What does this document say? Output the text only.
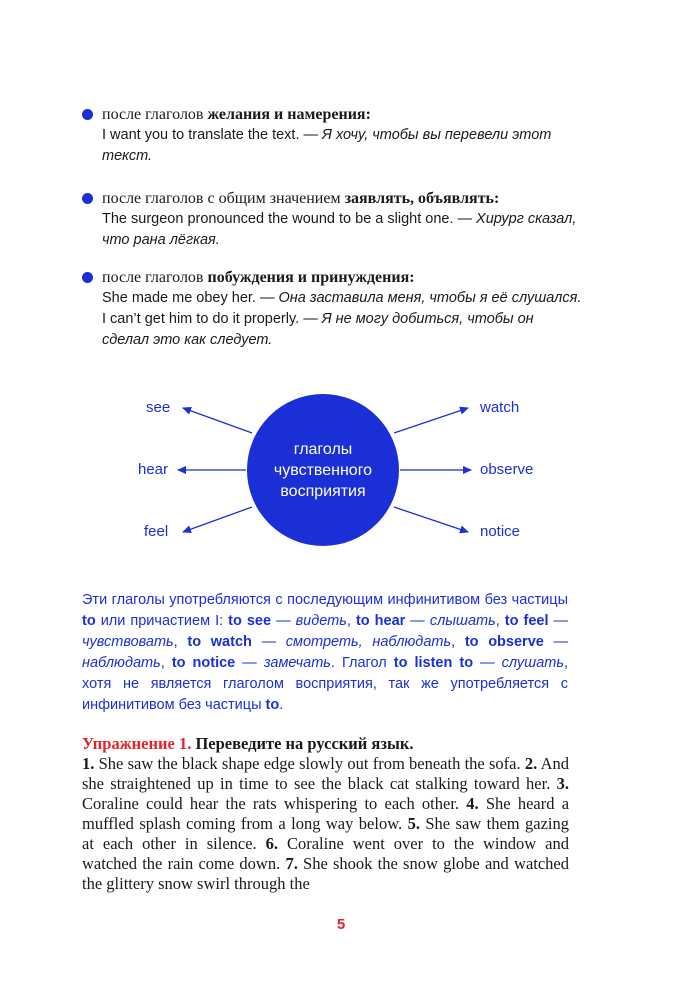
после глаголов желания и намерения:
I want you to translate the text. — Я хочу, чтобы вы перевели этот текст.
после глаголов с общим значением заявлять, объявлять:
The surgeon pronounced the wound to be a slight one. — Хирург сказал, что рана лёгкая.
после глаголов побуждения и принуждения:
She made me obey her. — Она заставила меня, чтобы я её слушался.
I can’t get him to do it properly. — Я не могу добиться, чтобы он сделал это как следует.
глаголы
чувственного
восприятия
see
hear
feel
watch
observe
notice
Эти глаголы употребляются с последующим инфинитивом без частицы to или причастием I: to see — видеть, to hear — слышать, to feel — чувствовать, to watch — смотреть, наблюдать, to observe — наблюдать, to notice — замечать. Глагол to listen to — слушать, хотя не является глаголом восприятия, так же употребляется с инфинитивом без частицы to.
Упражнение 1. Переведите на русский язык.
1. She saw the black shape edge slowly out from beneath the sofa. 2. And she straightened up in time to see the black cat stalking toward her. 3. Coraline could hear the rats whispering to each other. 4. She heard a muffled splash coming from a long way below. 5. She saw them gazing at each other in silence. 6. Coraline went over to the window and watched the rain come down. 7. She shook the snow globe and watched the glittery snow swirl through the
5
